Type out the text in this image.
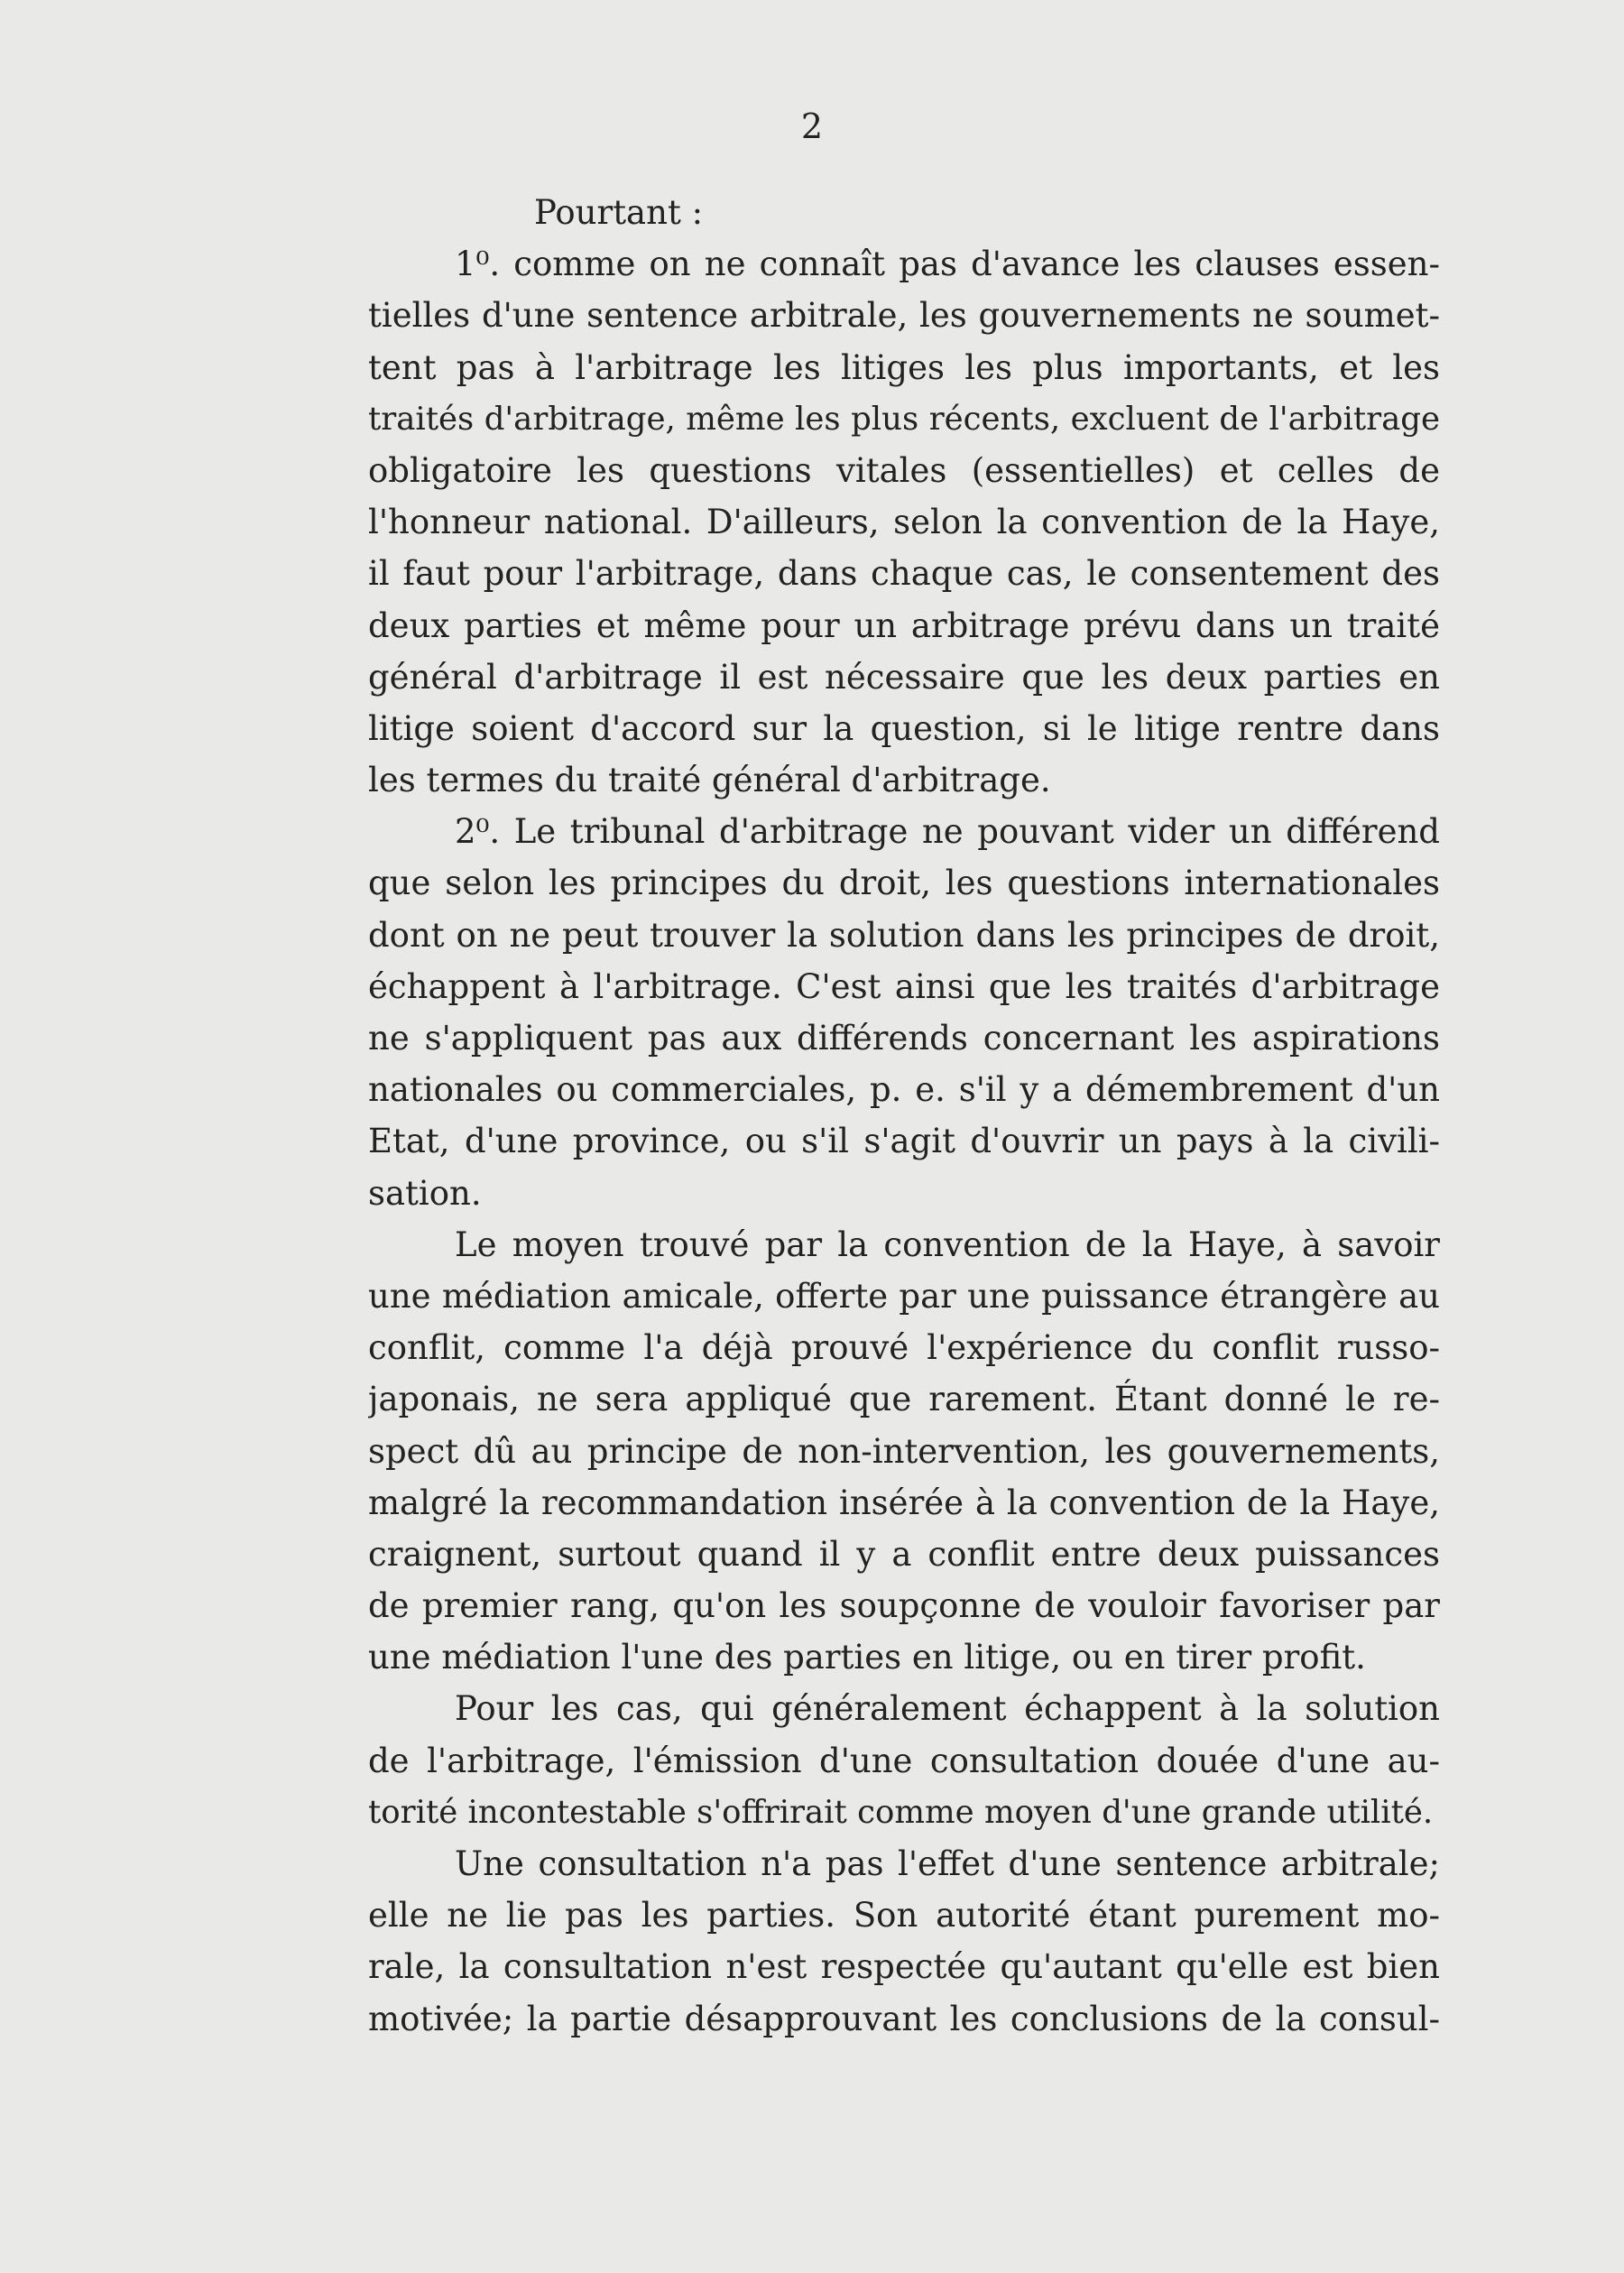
2
Pourtant :
1⁰. comme on ne connaît pas d'avance les clauses essen-
tielles d'une sentence arbitrale, les gouvernements ne soumet-
tent pas à l'arbitrage les litiges les plus importants, et les
traités d'arbitrage, même les plus récents, excluent de l'arbitrage
obligatoire les questions vitales (essentielles) et celles de
l'honneur national. D'ailleurs, selon la convention de la Haye,
il faut pour l'arbitrage, dans chaque cas, le consentement des
deux parties et même pour un arbitrage prévu dans un traité
général d'arbitrage il est nécessaire que les deux parties en
litige soient d'accord sur la question, si le litige rentre dans
les termes du traité général d'arbitrage.
2⁰. Le tribunal d'arbitrage ne pouvant vider un différend
que selon les principes du droit, les questions internationales
dont on ne peut trouver la solution dans les principes de droit,
échappent à l'arbitrage. C'est ainsi que les traités d'arbitrage
ne s'appliquent pas aux différends concernant les aspirations
nationales ou commerciales, p. e. s'il y a démembrement d'un
Etat, d'une province, ou s'il s'agit d'ouvrir un pays à la civili-
sation.
Le moyen trouvé par la convention de la Haye, à savoir
une médiation amicale, offerte par une puissance étrangère au
conflit, comme l'a déjà prouvé l'expérience du conflit russo-
japonais, ne sera appliqué que rarement. Étant donné le re-
spect dû au principe de non-intervention, les gouvernements,
malgré la recommandation insérée à la convention de la Haye,
craignent, surtout quand il y a conflit entre deux puissances
de premier rang, qu'on les soupçonne de vouloir favoriser par
une médiation l'une des parties en litige, ou en tirer profit.
Pour les cas, qui généralement échappent à la solution
de l'arbitrage, l'émission d'une consultation douée d'une au-
torité incontestable s'offrirait comme moyen d'une grande utilité.
Une consultation n'a pas l'effet d'une sentence arbitrale;
elle ne lie pas les parties. Son autorité étant purement mo-
rale, la consultation n'est respectée qu'autant qu'elle est bien
motivée; la partie désapprouvant les conclusions de la consul-
